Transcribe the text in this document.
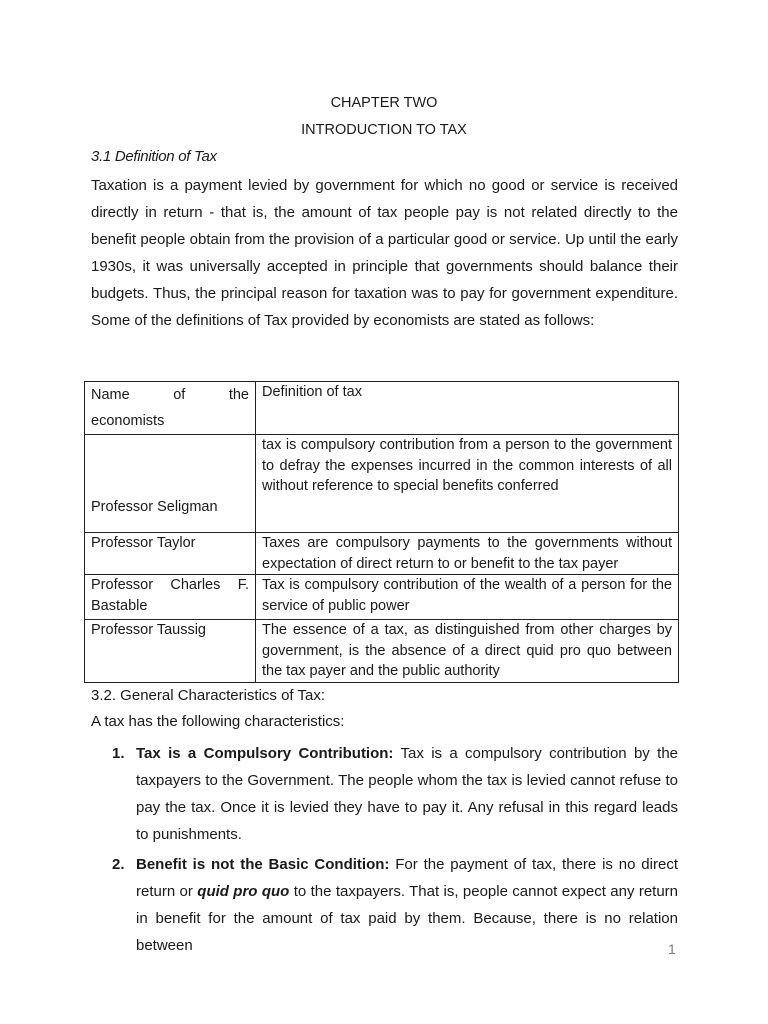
CHAPTER TWO
INTRODUCTION TO TAX
3.1 Definition of Tax

Taxation is a payment levied by government for which no good or service is received directly in return - that is, the amount of tax people pay is not related directly to the benefit people obtain from the provision of a particular good or service. Up until the early 1930s, it was universally accepted in principle that governments should balance their budgets. Thus, the principal reason for taxation was to pay for government expenditure. Some of the definitions of Tax provided by economists are stated as follows:

Name of the
economists	Definition of tax
Professor Seligman	tax is compulsory contribution from a person to the government to defray the expenses incurred in the common interests of all without reference to special benefits conferred
Professor Taylor	Taxes are compulsory payments to the governments without expectation of direct return to or benefit to the tax payer
Professor Charles F. Bastable	Tax is compulsory contribution of the wealth of a person for the service of public power
Professor Taussig	The essence of a tax, as distinguished from other charges by government, is the absence of a direct quid pro quo between the tax payer and the public authority
3.2. General Characteristics of Tax:
A tax has the following characteristics:
1. Tax is a Compulsory Contribution: Tax is a compulsory contribution by the taxpayers to the Government. The people whom the tax is levied cannot refuse to pay the tax. Once it is levied they have to pay it. Any refusal in this regard leads to punishments.
2. Benefit is not the Basic Condition: For the payment of tax, there is no direct return or quid pro quo to the taxpayers. That is, people cannot expect any return in benefit for the amount of tax paid by them. Because, there is no relation between	1
